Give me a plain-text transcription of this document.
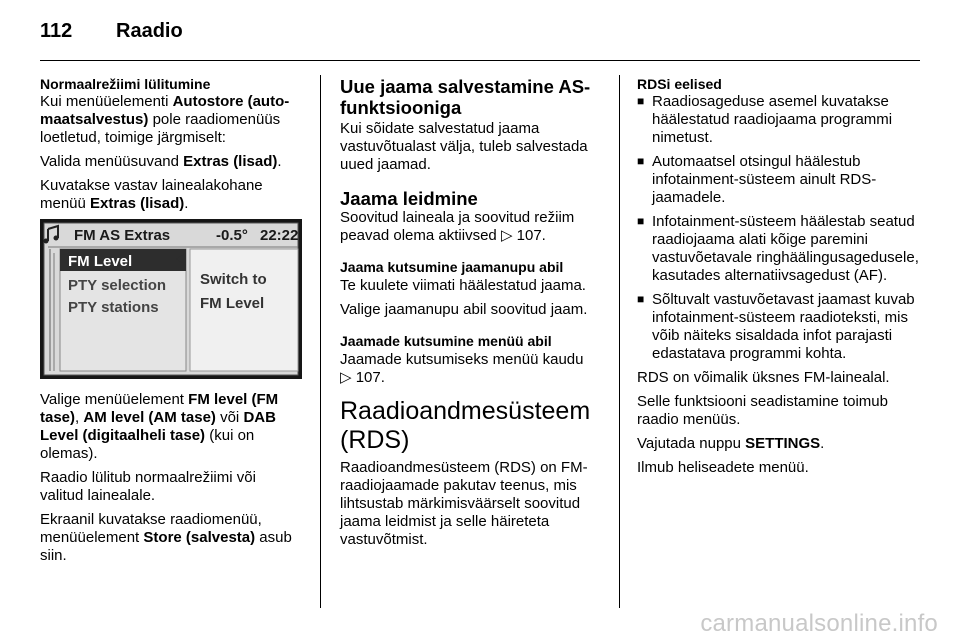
112 Raadio

Normaalrežiimi lülitumine

Kui menüüelementi Autostore (auto-maatsalvestus) pole raadiomenüüs loetletud, toimige järgmiselt:

Valida menüüsuvand Extras (lisad).

Kuvatakse vastav lainealakohane menüü Extras (lisad).

FM AS Extras	-0.5° 22:22
FM Level
PTY selection
PTY stations
Switch to
FM Level

Valige menüüelement FM level (FM tase), AM level (AM tase) või DAB Level (digitaalheli tase) (kui on olemas).

Raadio lülitub normaalrežiimi või valitud lainealale.

Ekraanil kuvatakse raadiomenüü, menüüelement Store (salvesta) asub siin.

Uue jaama salvestamine AS-funktsiooniga

Kui sõidate salvestatud jaama vastuvõtualast välja, tuleb salvestada uued jaamad.

Jaama leidmine

Soovitud laineala ja soovitud režiim peavad olema aktiivsed ▷ 107.

Jaama kutsumine jaamanupu abil

Te kuulete viimati häälestatud jaama.

Valige jaamanupu abil soovitud jaam.

Jaamade kutsumine menüü abil

Jaamade kutsumiseks menüü kaudu
▷ 107.

Raadioandmesüsteem (RDS)

Raadioandmesüsteem (RDS) on FM-raadiojaamade pakutav teenus, mis lihtsustab märkimisväärselt soovitud jaama leidmist ja selle häireteta vastuvõtmist.

RDSi eelised

■ Raadiosageduse asemel kuvatakse häälestatud raadiojaama programmi nimetust.
■ Automaatsel otsingul häälestub infotainment-süsteem ainult RDS-jaamadele.
■ Infotainment-süsteem häälestab seatud raadiojaama alati kõige paremini vastuvõetavale ringhäälingusagedusele, kasutades alternatiivsagedust (AF).
■ Sõltuvalt vastuvõetavast jaamast kuvab infotainment-süsteem raadioteksti, mis võib näiteks sisaldada infot parajasti edastatava programmi kohta.

RDS on võimalik üksnes FM-lainealal.

Selle funktsiooni seadistamine toimub raadio menüüs.

Vajutada nuppu SETTINGS.

Ilmub heliseadete menüü.

carmanualsonline.info
